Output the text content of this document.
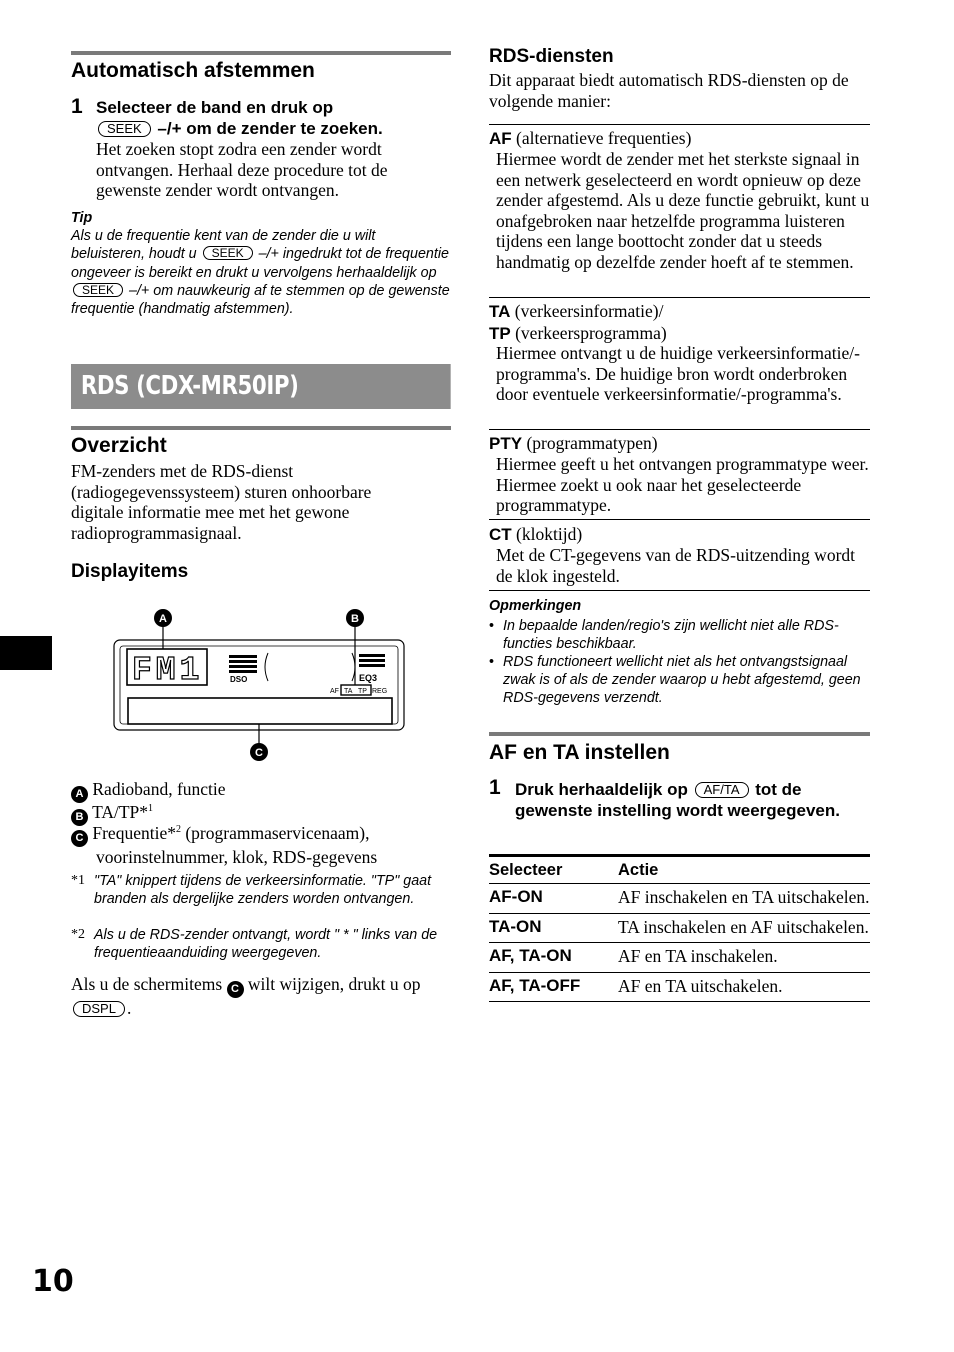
Automatisch afstemmen
1 Selecteer de band en druk op
SEEK –/+ om de zender te zoeken.
Het zoeken stopt zodra een zender wordt ontvangen. Herhaal deze procedure tot de gewenste zender wordt ontvangen.
Tip
Als u de frequentie kent van de zender die u wilt beluisteren, houdt u SEEK –/+ ingedrukt tot de frequentie ongeveer is bereikt en drukt u vervolgens herhaaldelijk op SEEK –/+ om nauwkeurig af te stemmen op de gewenste frequentie (handmatig afstemmen).
RDS (CDX-MR50IP)
Overzicht
FM-zenders met de RDS-dienst (radiogegevenssysteem) sturen onhoorbare digitale informatie mee met het gewone radioprogrammasignaal.
Displayitems
FM1	DSO	EQ3
AF TA TP REG
A	B
C
A Radioband, functie
B TA/TP*$^1$
C Frequentie*$^2$ (programmaservicenaam),
voorinstelnummer, klok, RDS-gegevens
*1 "TA" knippert tijdens de verkeersinformatie. "TP" gaat branden als dergelijke zenders worden ontvangen.
*2 Als u de RDS-zender ontvangt, wordt " * " links van de frequentieaanduiding weergegeven.
Als u de schermitems C wilt wijzigen, drukt u op DSPL .
10
RDS-diensten
Dit apparaat biedt automatisch RDS-diensten op de volgende manier:
AF (alternatieve frequenties)
Hiermee wordt de zender met het sterkste signaal in een netwerk geselecteerd en wordt opnieuw op deze zender afgestemd. Als u deze functie gebruikt, kunt u onafgebroken naar hetzelfde programma luisteren tijdens een lange boottocht zonder dat u steeds handmatig op dezelfde zender hoeft af te stemmen.
TA (verkeersinformatie)/
TP (verkeersprogramma)
Hiermee ontvangt u de huidige verkeersinformatie/-programma's. De huidige bron wordt onderbroken door eventuele verkeersinformatie/-programma's.
PTY (programmatypen)
Hiermee geeft u het ontvangen programmatype weer. Hiermee zoekt u ook naar het geselecteerde programmatype.
CT (kloktijd)
Met de CT-gegevens van de RDS-uitzending wordt de klok ingesteld.
Opmerkingen
• In bepaalde landen/regio's zijn wellicht niet alle RDS-functies beschikbaar.
• RDS functioneert wellicht niet als het ontvangstsignaal zwak is of als de zender waarop u hebt afgestemd, geen RDS-gegevens verzendt.
AF en TA instellen
1 Druk herhaaldelijk op AF/TA tot de gewenste instelling wordt weergegeven.
Selecteer	Actie
AF-ON	AF inschakelen en TA uitschakelen.
TA-ON	TA inschakelen en AF uitschakelen.
AF, TA-ON	AF en TA inschakelen.
AF, TA-OFF	AF en TA uitschakelen.
